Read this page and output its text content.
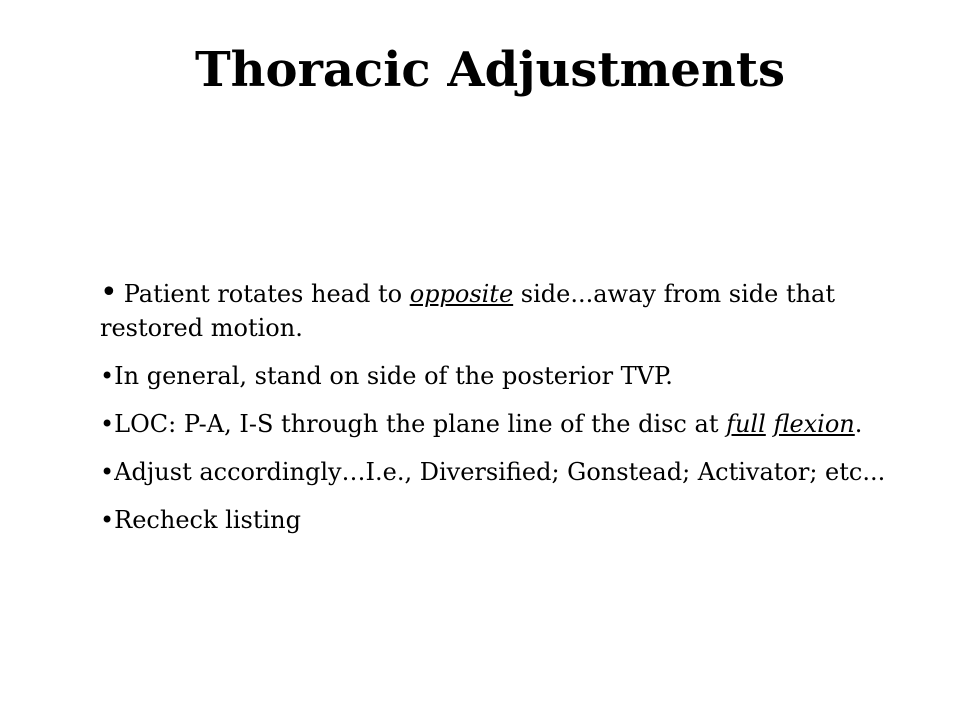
Thoracic Adjustments
• Patient rotates head to opposite side...away from side that restored motion.
•In general, stand on side of the posterior TVP.
•LOC: P-A, I-S through the plane line of the disc at full flexion.
•Adjust accordingly…I.e., Diversified; Gonstead; Activator; etc...
•Recheck listing
